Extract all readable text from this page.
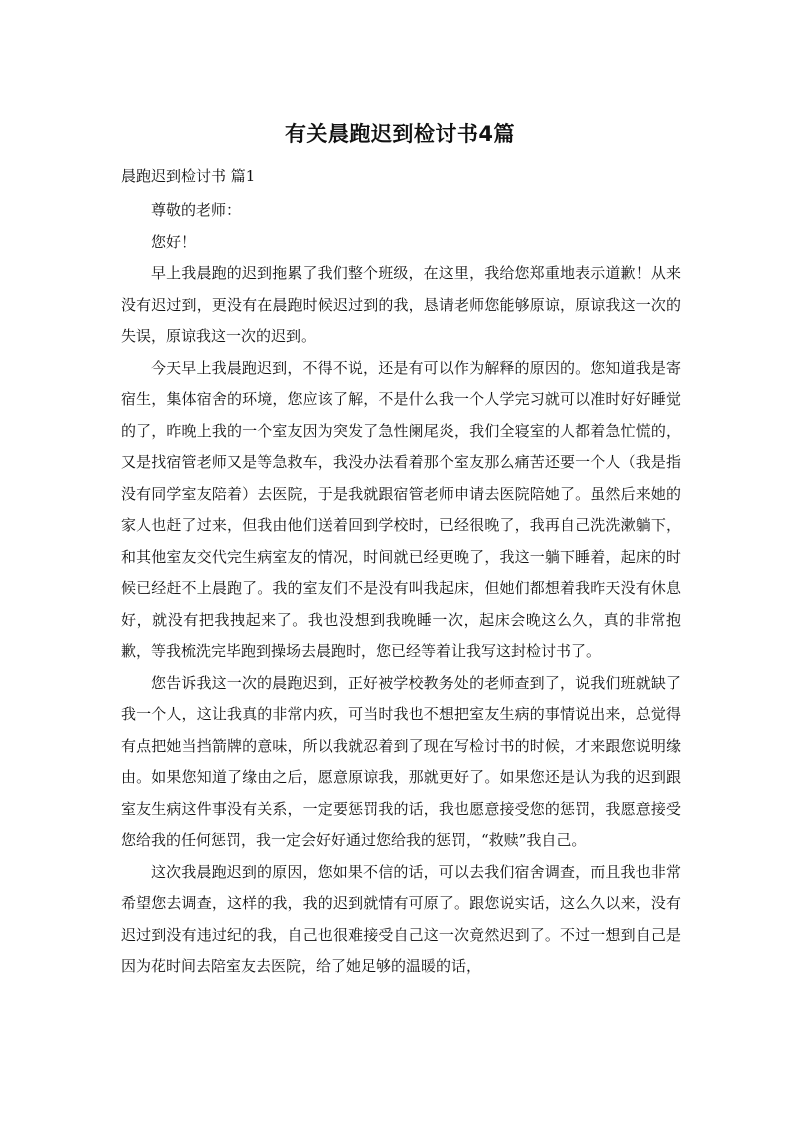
有关晨跑迟到检讨书4篇
晨跑迟到检讨书 篇1

尊敬的老师：

您好！

早上我晨跑的迟到拖累了我们整个班级，在这里，我给您郑重地表示道歉！从来没有迟过到，更没有在晨跑时候迟过到的我，恳请老师您能够原谅，原谅我这一次的失误，原谅我这一次的迟到。

今天早上我晨跑迟到，不得不说，还是有可以作为解释的原因的。您知道我是寄宿生，集体宿舍的环境，您应该了解，不是什么我一个人学完习就可以准时好好睡觉的了，昨晚上我的一个室友因为突发了急性阑尾炎，我们全寝室的人都着急忙慌的，又是找宿管老师又是等急救车，我没办法看着那个室友那么痛苦还要一个人（我是指没有同学室友陪着）去医院，于是我就跟宿管老师申请去医院陪她了。虽然后来她的家人也赶了过来，但我由他们送着回到学校时，已经很晚了，我再自己洗洗漱躺下，和其他室友交代完生病室友的情况，时间就已经更晚了，我这一躺下睡着，起床的时候已经赶不上晨跑了。我的室友们不是没有叫我起床，但她们都想着我昨天没有休息好，就没有把我拽起来了。我也没想到我晚睡一次，起床会晚这么久，真的非常抱歉，等我梳洗完毕跑到操场去晨跑时，您已经等着让我写这封检讨书了。

您告诉我这一次的晨跑迟到，正好被学校教务处的老师查到了，说我们班就缺了我一个人，这让我真的非常内疚，可当时我也不想把室友生病的事情说出来，总觉得有点把她当挡箭牌的意味，所以我就忍着到了现在写检讨书的时候，才来跟您说明缘由。如果您知道了缘由之后，愿意原谅我，那就更好了。如果您还是认为我的迟到跟室友生病这件事没有关系，一定要惩罚我的话，我也愿意接受您的惩罚，我愿意接受您给我的任何惩罚，我一定会好好通过您给我的惩罚，“救赎”我自己。

这次我晨跑迟到的原因，您如果不信的话，可以去我们宿舍调查，而且我也非常希望您去调查，这样的我，我的迟到就情有可原了。跟您说实话，这么久以来，没有迟过到没有违过纪的我，自己也很难接受自己这一次竟然迟到了。不过一想到自己是因为花时间去陪室友去医院，给了她足够的温暖的话，
